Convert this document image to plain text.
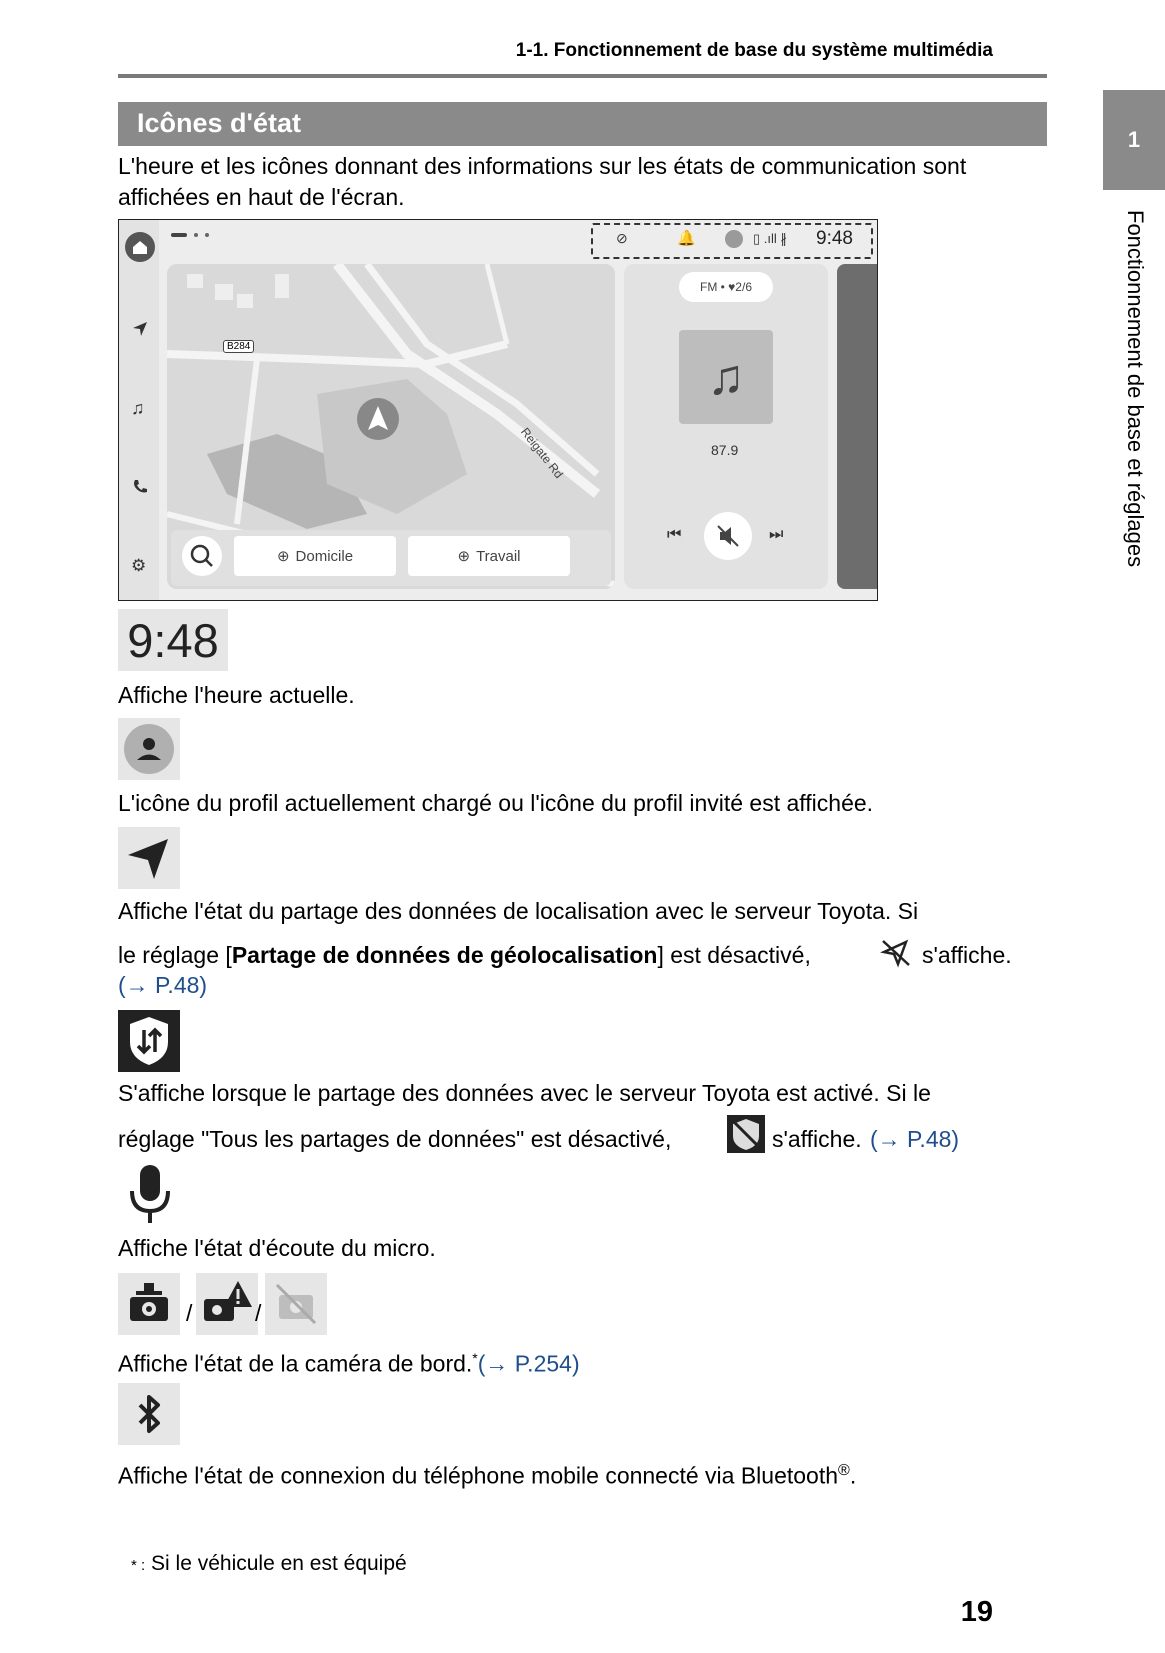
1-1. Fonctionnement de base du système multimédia
1
Fonctionnement de base et réglages
Icônes d'état
L'heure et les icônes donnant des informations sur les états de communication sont affichées en haut de l'écran.
♫
⚙
⊘	🔔	▯ .ıll ∦ 9:48
B284
Reigate Rd
⊕ Domicile	⊕ Travail
FM • ♥2/6
♫
87.9
⏮	⏭
9:48
Affiche l'heure actuelle.
L'icône du profil actuellement chargé ou l'icône du profil invité est affichée.
Affiche l'état du partage des données de localisation avec le serveur Toyota. Si
le réglage [Partage de données de géolocalisation] est désactivé,	s'affiche.
(→ P.48)
S'affiche lorsque le partage des données avec le serveur Toyota est activé. Si le
réglage "Tous les partages de données" est désactivé,	s'affiche. (→ P.48)
Affiche l'état d'écoute du micro.
/	/
Affiche l'état de la caméra de bord.*(→ P.254)
Affiche l'état de connexion du téléphone mobile connecté via Bluetooth®.
* : Si le véhicule en est équipé
19
